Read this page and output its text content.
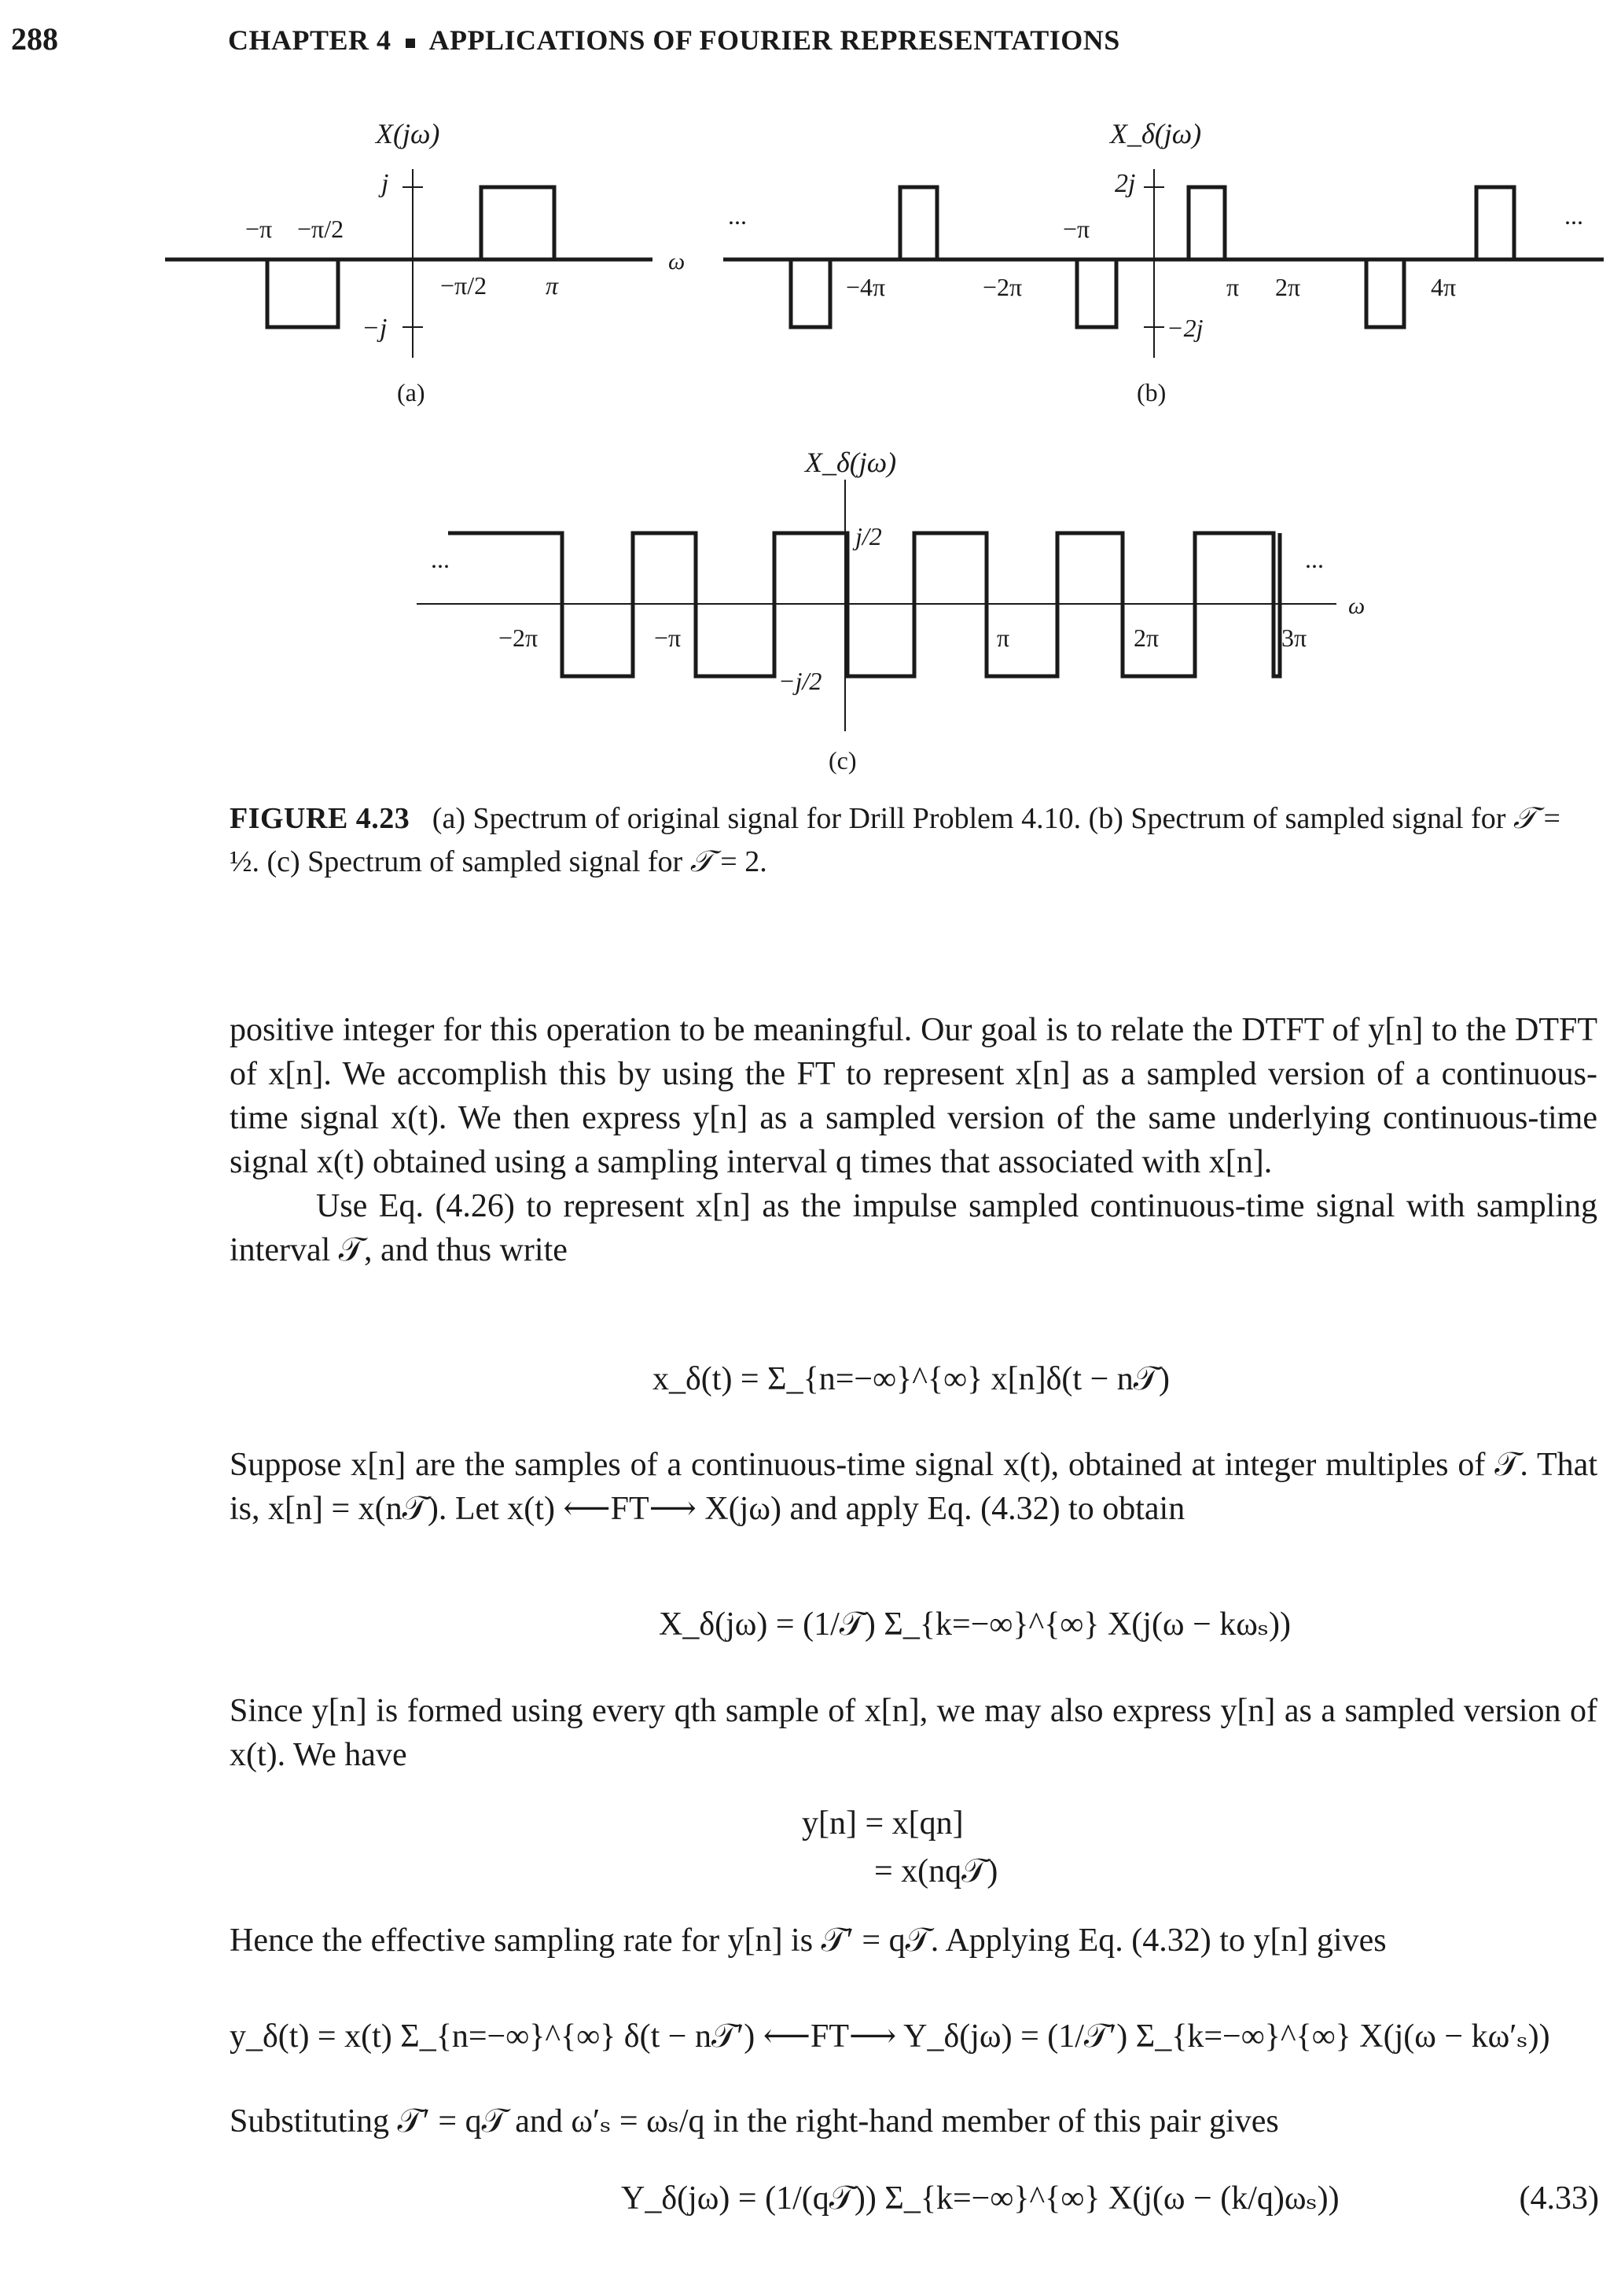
288	CHAPTER 4 APPLICATIONS OF FOURIER REPRESENTATIONS
X(jω)
j
−j
−π −π/2
−π/2 π
ω
(a)
X_δ(jω)
2j
−2j
−4π	−2π
−π
π 2π	4π
...	...
(b)
X_δ(jω)
j/2
−j/2
−2π	−π	π	2π	3π
...	...
ω
(c)
FIGURE 4.23 (a) Spectrum of original signal for Drill Problem 4.10. (b) Spectrum of sampled signal for 𝒯 = ½. (c) Spectrum of sampled signal for 𝒯 = 2.

positive integer for this operation to be meaningful. Our goal is to relate the DTFT of y[n] to the DTFT of x[n]. We accomplish this by using the FT to represent x[n] as a sampled version of a continuous-time signal x(t). We then express y[n] as a sampled version of the same underlying continuous-time signal x(t) obtained using a sampling interval q times that associated with x[n].

Use Eq. (4.26) to represent x[n] as the impulse sampled continuous-time signal with sampling interval 𝒯, and thus write

x_δ(t) = Σ_{n=−∞}^{∞} x[n]δ(t − n𝒯)

Suppose x[n] are the samples of a continuous-time signal x(t), obtained at integer multiples of 𝒯. That is, x[n] = x(n𝒯). Let x(t) ⟵FT⟶ X(jω) and apply Eq. (4.32) to obtain

X_δ(jω) = (1/𝒯) Σ_{k=−∞}^{∞} X(j(ω − kωₛ))

Since y[n] is formed using every qth sample of x[n], we may also express y[n] as a sampled version of x(t). We have

y[n] = x[qn]
= x(nq𝒯)

Hence the effective sampling rate for y[n] is 𝒯′ = q𝒯. Applying Eq. (4.32) to y[n] gives

y_δ(t) = x(t) Σ_{n=−∞}^{∞} δ(t − n𝒯′) ⟵FT⟶ Y_δ(jω) = (1/𝒯′) Σ_{k=−∞}^{∞} X(j(ω − kω′ₛ))

Substituting 𝒯′ = q𝒯 and ω′ₛ = ωₛ/q in the right-hand member of this pair gives

Y_δ(jω) = (1/(q𝒯)) Σ_{k=−∞}^{∞} X(j(ω − (k/q)ωₛ))	(4.33)
